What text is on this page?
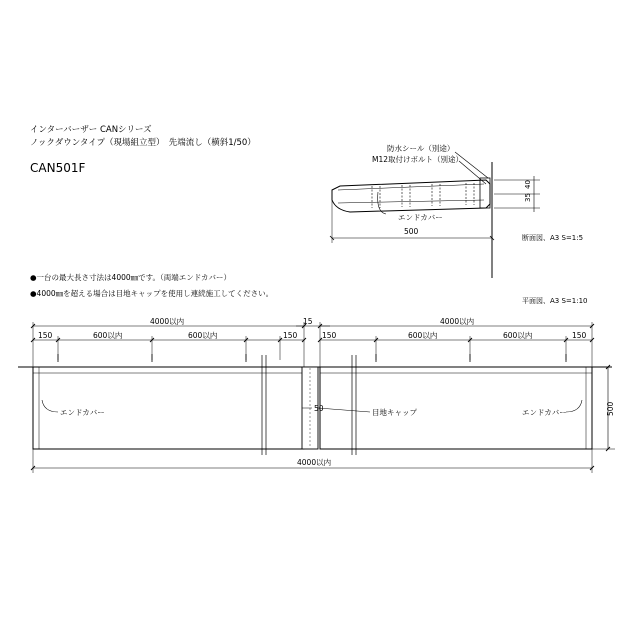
インターバーザー CANシリーズ
ノックダウンタイプ（現場組立型）　先端流し（横斜1/50）
CAN501F
防水シール（別途）
M12取付けボルト（別途）
エンドカバー
500
35
40
断面図、A3 S=1:5
●一台の最大長さ寸法は4000㎜です。（両端エンドカバー）
●4000㎜を超える場合は目地キャップを使用し連続施工してください。
平面図、A3 S=1:10
4000以内	4000以内
15
150	600以内	600以内	150	150	600以内	600以内	150
500
4000以内
50
エンドカバー	目地キャップ	エンドカバー
